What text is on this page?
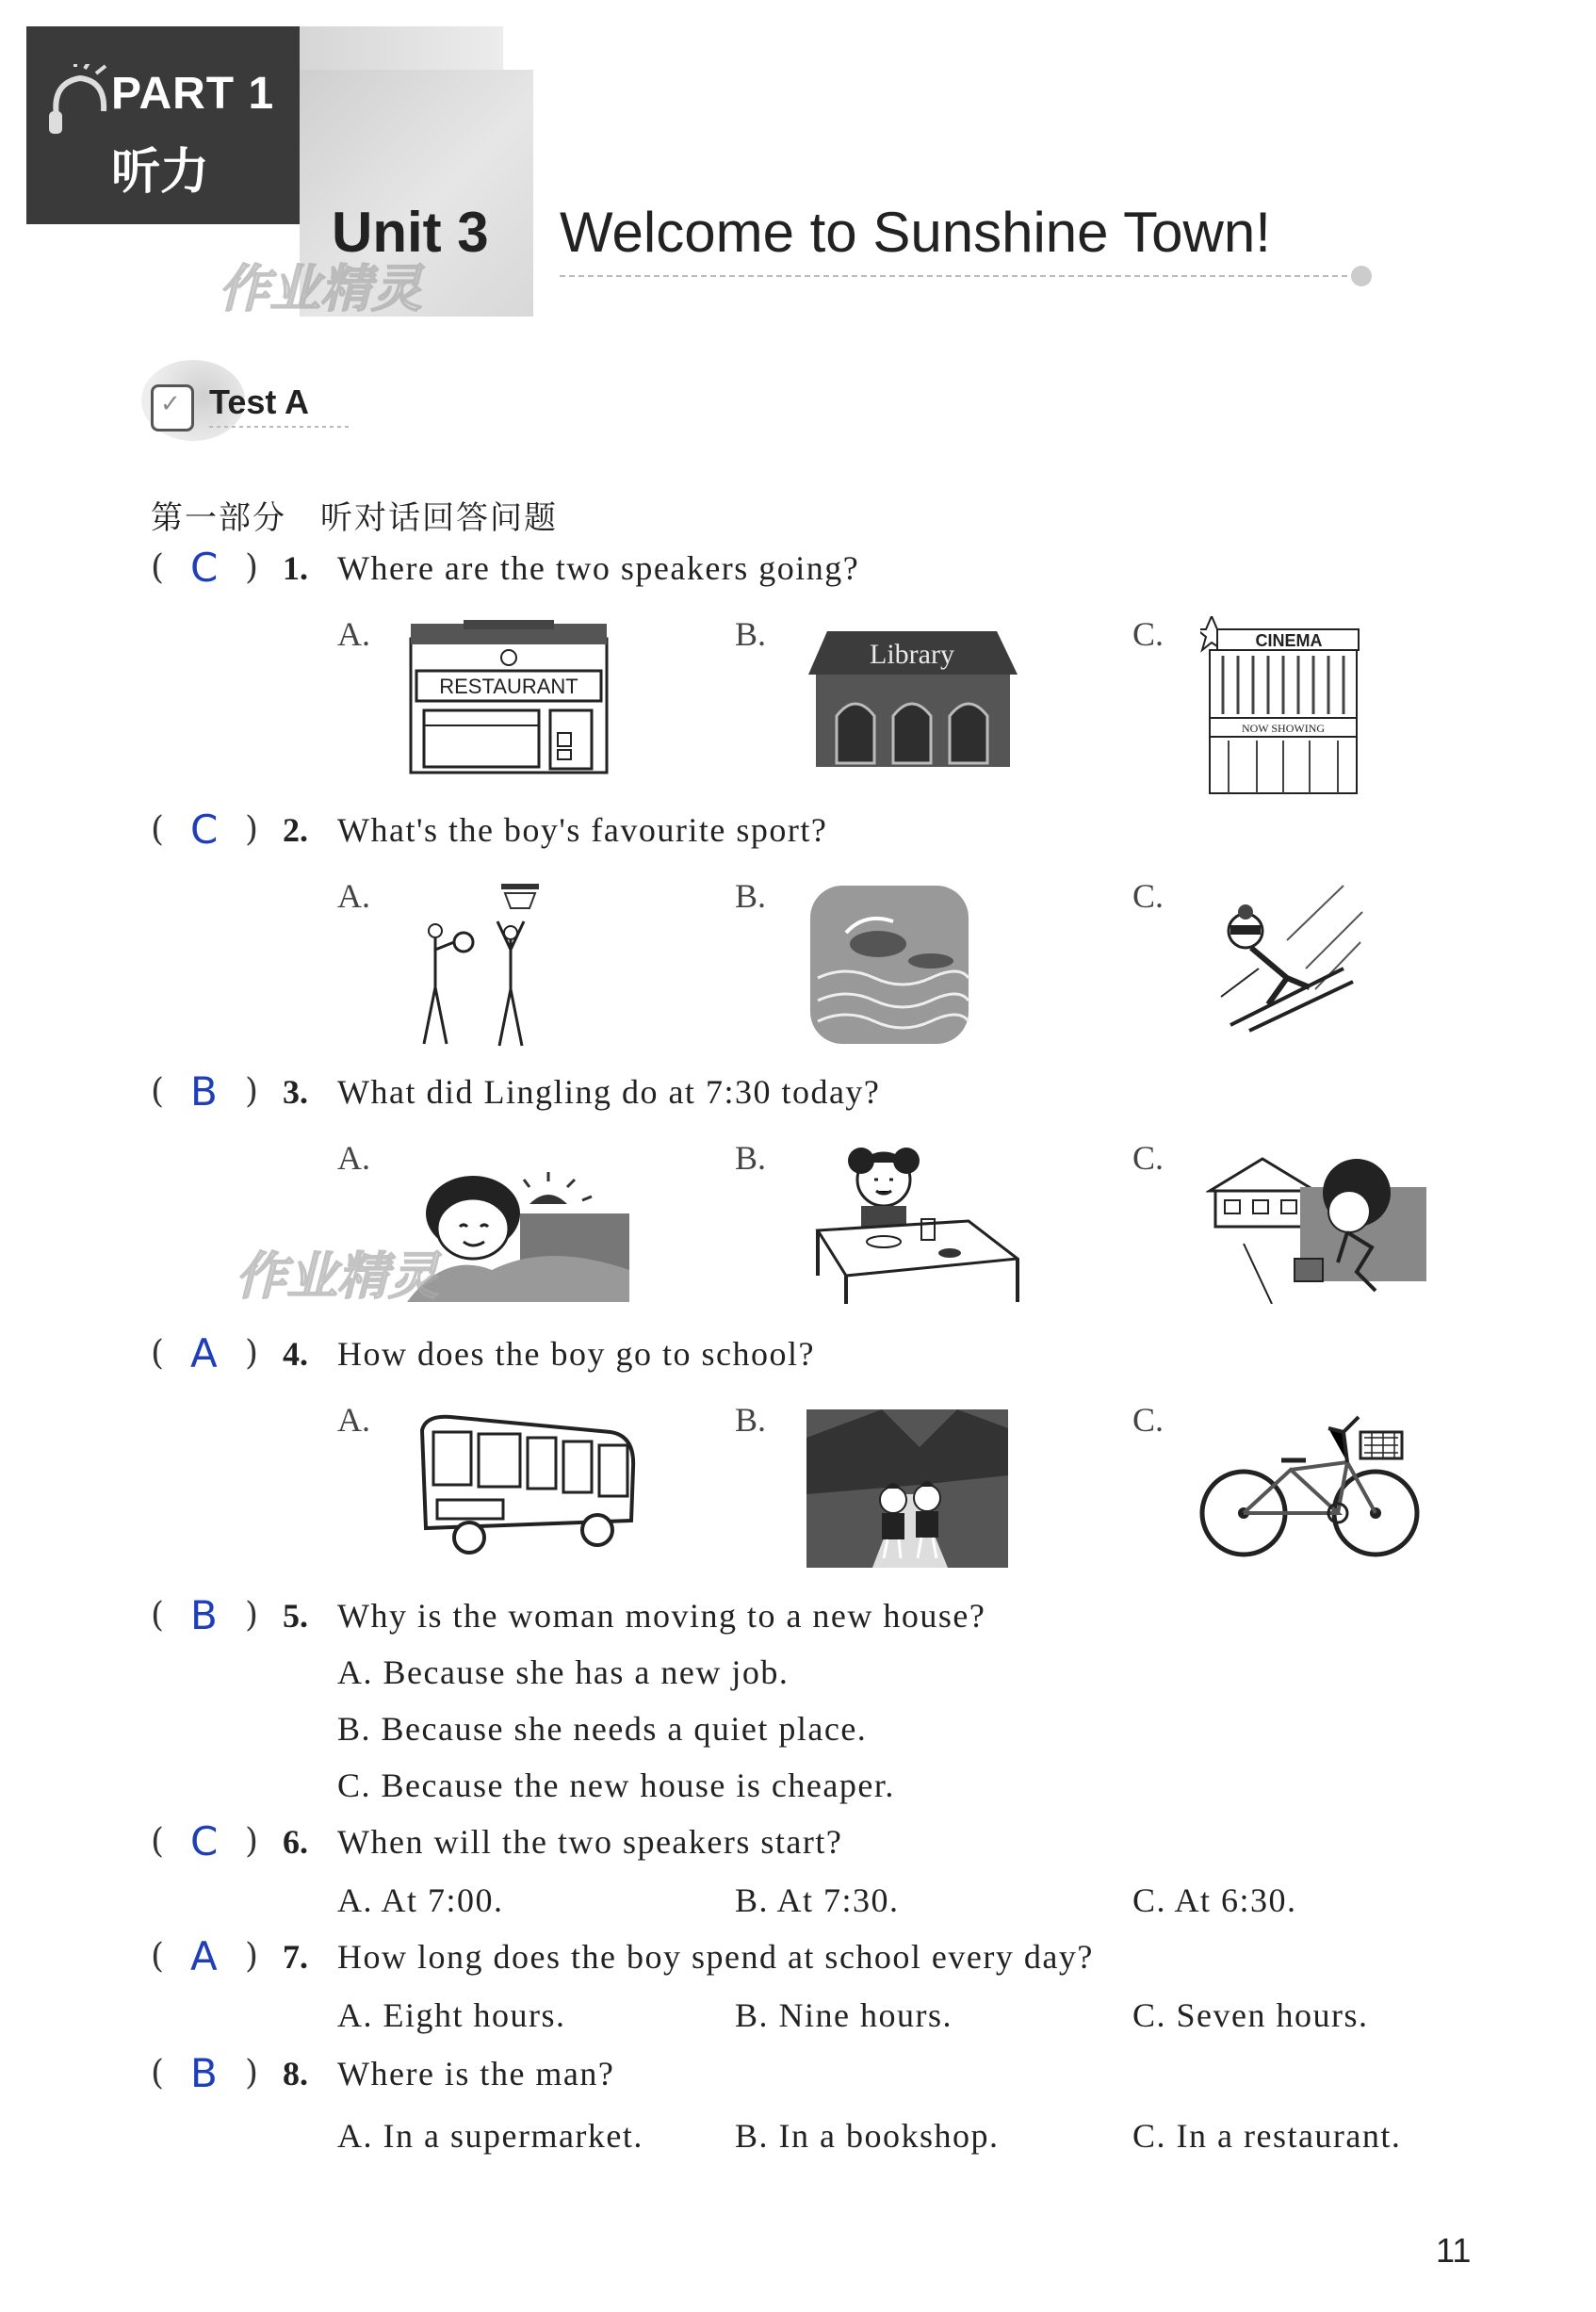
PART 1
听力
Unit 3 Welcome to Sunshine Town!
作业精灵
✓ Test A
第一部分　听对话回答问题
( )
C 1. Where are the two speakers going?
A.	B.	C.
RESTAURANT
Library	CINEMA
NOW SHOWING
( )
C 2. What's the boy's favourite sport?
A.	B.	C.
( )
B 3. What did Lingling do at 7:30 today?
A.	B.	C.
作业精灵
( )
A 4. How does the boy go to school?
A.	B.	C.
( )
B 5. Why is the woman moving to a new house?
A. Because she has a new job.
B. Because she needs a quiet place.
C. Because the new house is cheaper.
( )
C 6. When will the two speakers start?
A. At 7:00.	B. At 7:30.	C. At 6:30.
( )
A 7. How long does the boy spend at school every day?
A. Eight hours.	B. Nine hours.	C. Seven hours.
( )
B 8. Where is the man?
A. In a supermarket.	B. In a bookshop.	C. In a restaurant.
11
